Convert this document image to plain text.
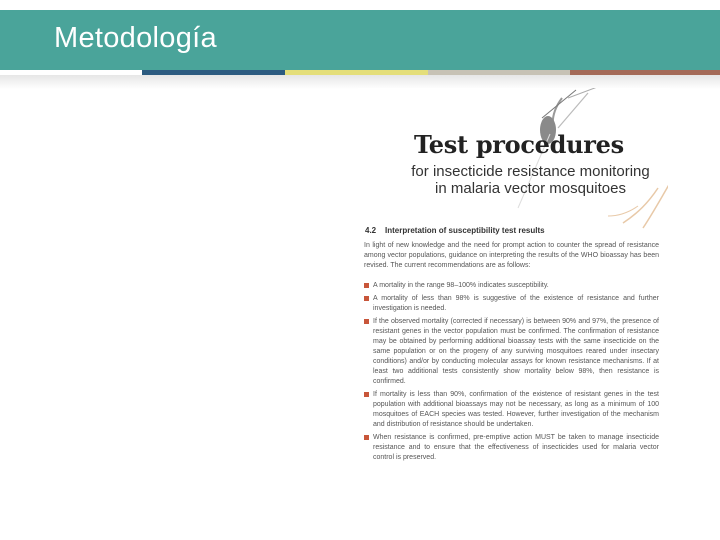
Metodología
Test procedures
for insecticide resistance monitoring
in malaria vector mosquitoes
4.2 Interpretation of susceptibility test results
In light of new knowledge and the need for prompt action to counter the spread of resistance among vector populations, guidance on interpreting the results of the WHO bioassay has been revised. The current recommendations are as follows:
A mortality in the range 98–100% indicates susceptibility.
A mortality of less than 98% is suggestive of the existence of resistance and further investigation is needed.
If the observed mortality (corrected if necessary) is between 90% and 97%, the presence of resistant genes in the vector population must be confirmed. The confirmation of resistance may be obtained by performing additional bioassay tests with the same insecticide on the same population or on the progeny of any surviving mosquitoes reared under insectary conditions) and/or by conducting molecular assays for known resistance mechanisms. If at least two additional tests consistently show mortality below 98%, then resistance is confirmed.
If mortality is less than 90%, confirmation of the existence of resistant genes in the test population with additional bioassays may not be necessary, as long as a minimum of 100 mosquitoes of EACH species was tested. However, further investigation of the mechanism and distribution of resistance should be undertaken.
When resistance is confirmed, pre-emptive action MUST be taken to manage insecticide resistance and to ensure that the effectiveness of insecticides used for malaria vector control is preserved.
